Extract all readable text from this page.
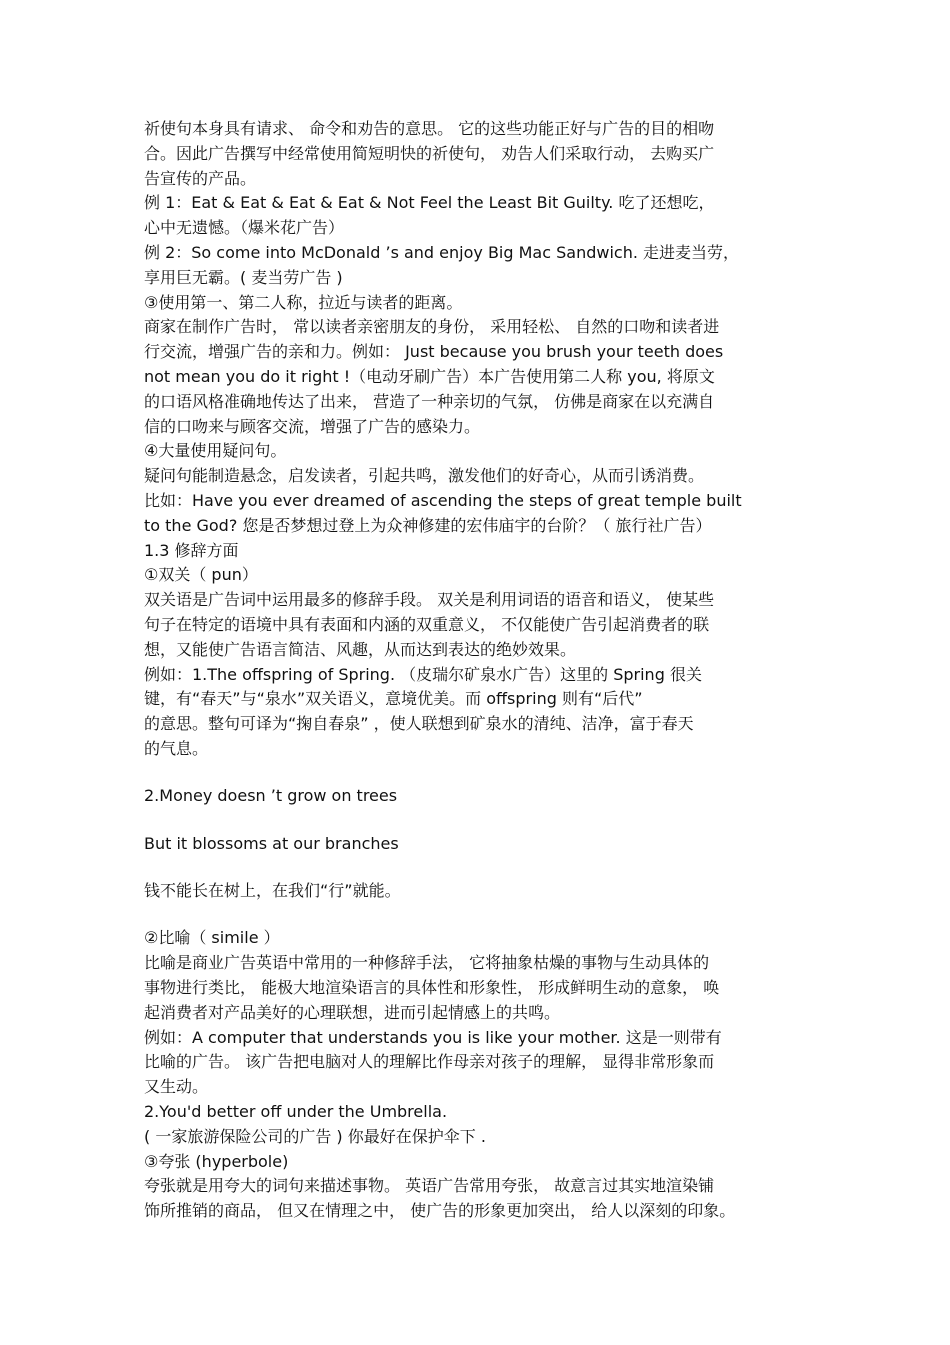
祈使句本身具有请求、 命令和劝告的意思。 它的这些功能正好与广告的目的相吻
合。因此广告撰写中经常使用简短明快的祈使句， 劝告人们采取行动， 去购买广
告宣传的产品。
例 1：Eat & Eat & Eat & Eat & Not Feel the Least Bit Guilty. 吃了还想吃，
心中无遗憾。（爆米花广告）
例 2：So come into McDonald ’s and enjoy Big Mac Sandwich. 走进麦当劳，
享用巨无霸。( 麦当劳广告 )
③使用第一、第二人称，拉近与读者的距离。
商家在制作广告时， 常以读者亲密朋友的身份， 采用轻松、 自然的口吻和读者进
行交流，增强广告的亲和力。例如： Just because you brush your teeth does
not mean you do it right !（电动牙刷广告）本广告使用第二人称 you, 将原文
的口语风格准确地传达了出来， 营造了一种亲切的气氛， 仿佛是商家在以充满自
信的口吻来与顾客交流，增强了广告的感染力。
④大量使用疑问句。
疑问句能制造悬念，启发读者，引起共鸣，激发他们的好奇心，从而引诱消费。
比如：Have you ever dreamed of ascending the steps of great temple built
to the God? 您是否梦想过登上为众神修建的宏伟庙宇的台阶？（ 旅行社广告）
1.3 修辞方面
①双关（ pun）
双关语是广告词中运用最多的修辞手段。 双关是利用词语的语音和语义， 使某些
句子在特定的语境中具有表面和内涵的双重意义， 不仅能使广告引起消费者的联
想，又能使广告语言简洁、风趣，从而达到表达的绝妙效果。
例如：1.The offspring of Spring. （皮瑞尔矿泉水广告）这里的 Spring 很关
键，有“春天”与“泉水”双关语义，意境优美。而 offspring 则有“后代”
的意思。整句可译为“掬自春泉” ，使人联想到矿泉水的清纯、洁净，富于春天
的气息。
2.Money doesn ’t grow on trees
But it blossoms at our branches
钱不能长在树上，在我们“行”就能。
②比喻（ simile ）
比喻是商业广告英语中常用的一种修辞手法， 它将抽象枯燥的事物与生动具体的
事物进行类比， 能极大地渲染语言的具体性和形象性， 形成鲜明生动的意象， 唤
起消费者对产品美好的心理联想，进而引起情感上的共鸣。
例如：A computer that understands you is like your mother. 这是一则带有
比喻的广告。 该广告把电脑对人的理解比作母亲对孩子的理解， 显得非常形象而
又生动。
2.You'd better off under the Umbrella.
( 一家旅游保险公司的广告 ) 你最好在保护伞下 .
③夸张 (hyperbole)
夸张就是用夸大的词句来描述事物。 英语广告常用夸张， 故意言过其实地渲染铺
饰所推销的商品， 但又在情理之中， 使广告的形象更加突出， 给人以深刻的印象。
